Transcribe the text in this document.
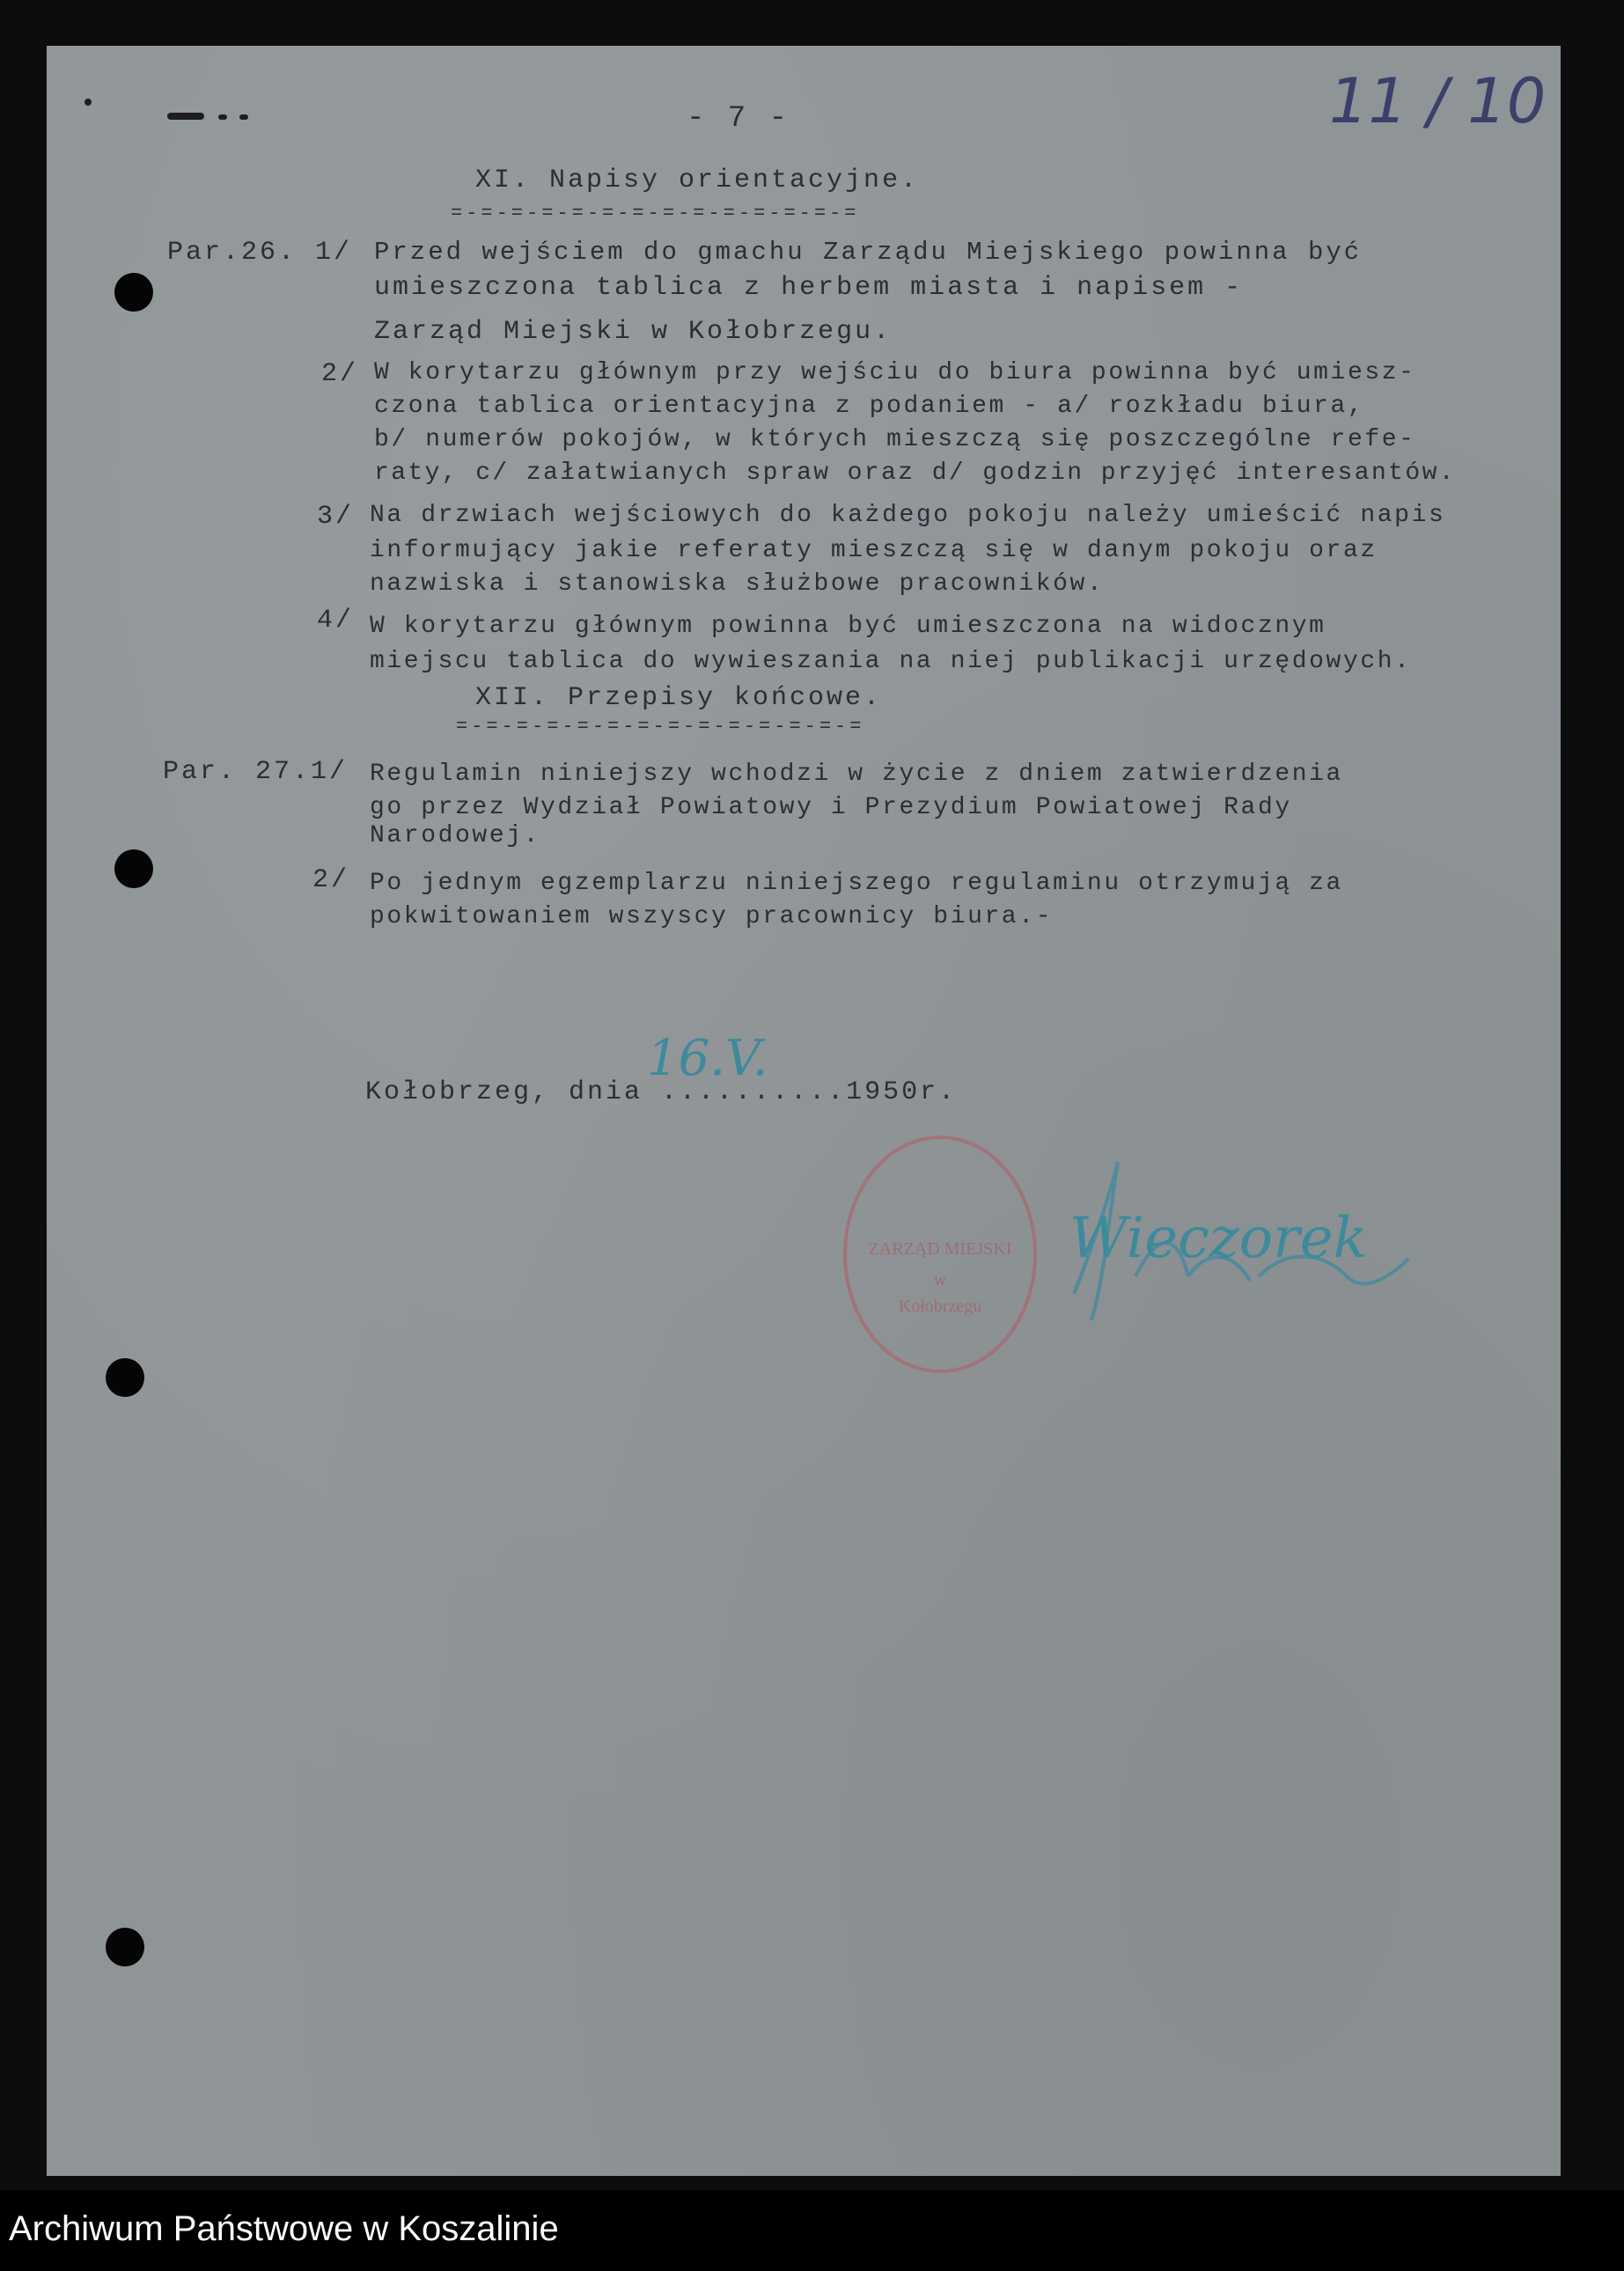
- 7 -	11 / 10
XI. Napisy orientacyjne.
=-=-=-=-=-=-=-=-=-=-=-=-=-=
Par.26. 1/ Przed wejściem do gmachu Zarządu Miejskiego powinna być
umieszczona tablica z herbem miasta i napisem -
Zarząd Miejski w Kołobrzegu.
2/ W korytarzu głównym przy wejściu do biura powinna być umiesz-
czona tablica orientacyjna z podaniem - a/ rozkładu biura,
b/ numerów pokojów, w których mieszczą się poszczególne refe-
raty, c/ załatwianych spraw oraz d/ godzin przyjęć interesantów.
3/ Na drzwiach wejściowych do każdego pokoju należy umieścić napis
informujący jakie referaty mieszczą się w danym pokoju oraz
nazwiska i stanowiska służbowe pracowników.
4/ W korytarzu głównym powinna być umieszczona na widocznym
miejscu tablica do wywieszania na niej publikacji urzędowych.
XII. Przepisy końcowe.
=-=-=-=-=-=-=-=-=-=-=-=-=-=
Par. 27.1/ Regulamin niniejszy wchodzi w życie z dniem zatwierdzenia
go przez Wydział Powiatowy i Prezydium Powiatowej Rady
Narodowej.
2/ Po jednym egzemplarzu niniejszego regulaminu otrzymują za
pokwitowaniem wszyscy pracownicy biura.-
Kołobrzeg, dnia ..........1950r.
16.V.
ZARZĄD MIEJSKI
w
Kołobrzegu
Wieczorek
Archiwum Państwowe w Koszalinie
